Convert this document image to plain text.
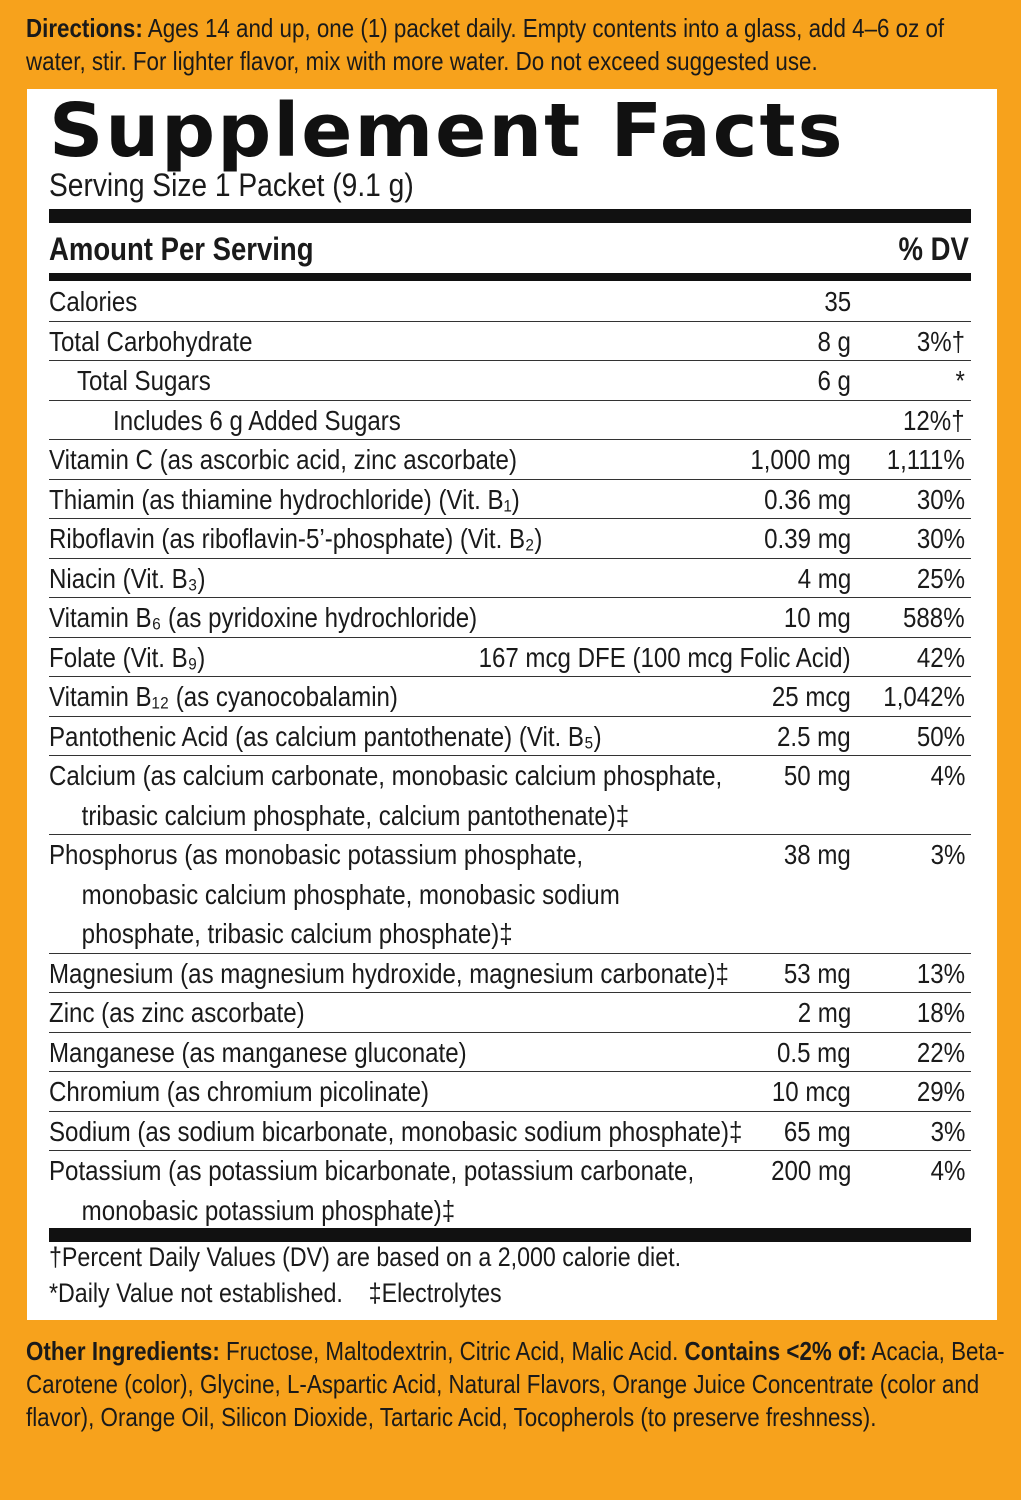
Directions: Ages 14 and up, one (1) packet daily. Empty contents into a glass, add 4–6 oz of water, stir. For lighter flavor, mix with more water. Do not exceed suggested use.
Supplement Facts
Serving Size 1 Packet (9.1 g)
Amount Per Serving	% DV
Calories	35
Total Carbohydrate	8 g 3%†
Total Sugars	6 g	*
Includes 6 g Added Sugars	12%†
Vitamin C (as ascorbic acid, zinc ascorbate)	1,000 mg 1,111%
Thiamin (as thiamine hydrochloride) (Vit. B₁)	0.36 mg 30%
Riboflavin (as riboflavin-5’-phosphate) (Vit. B₂)	0.39 mg 30%
Niacin (Vit. B₃)	4 mg 25%
Vitamin B₆ (as pyridoxine hydrochloride)	10 mg 588%
Folate (Vit. B₉)	167 mcg DFE (100 mcg Folic Acid) 42%
Vitamin B₁₂ (as cyanocobalamin)	25 mcg 1,042%
Pantothenic Acid (as calcium pantothenate) (Vit. B₅)	2.5 mg 50%
Calcium (as calcium carbonate, monobasic calcium phosphate,
tribasic calcium phosphate, calcium pantothenate)‡
50 mg	4%
Phosphorus (as monobasic potassium phosphate,
monobasic calcium phosphate, monobasic sodium
phosphate, tribasic calcium phosphate)‡
38 mg	3%
Magnesium (as magnesium hydroxide, magnesium carbonate)‡ 53 mg 13%
Zinc (as zinc ascorbate)	2 mg 18%
Manganese (as manganese gluconate)	0.5 mg 22%
Chromium (as chromium picolinate)	10 mcg 29%
Sodium (as sodium bicarbonate, monobasic sodium phosphate)‡ 65 mg	3%
Potassium (as potassium bicarbonate, potassium carbonate,
monobasic potassium phosphate)‡
200 mg	4%
†Percent Daily Values (DV) are based on a 2,000 calorie diet.
*Daily Value not established.    ‡Electrolytes
Other Ingredients: Fructose, Maltodextrin, Citric Acid, Malic Acid. Contains <2% of: Acacia, Beta-Carotene (color), Glycine, L-Aspartic Acid, Natural Flavors, Orange Juice Concentrate (color and flavor), Orange Oil, Silicon Dioxide, Tartaric Acid, Tocopherols (to preserve freshness).
